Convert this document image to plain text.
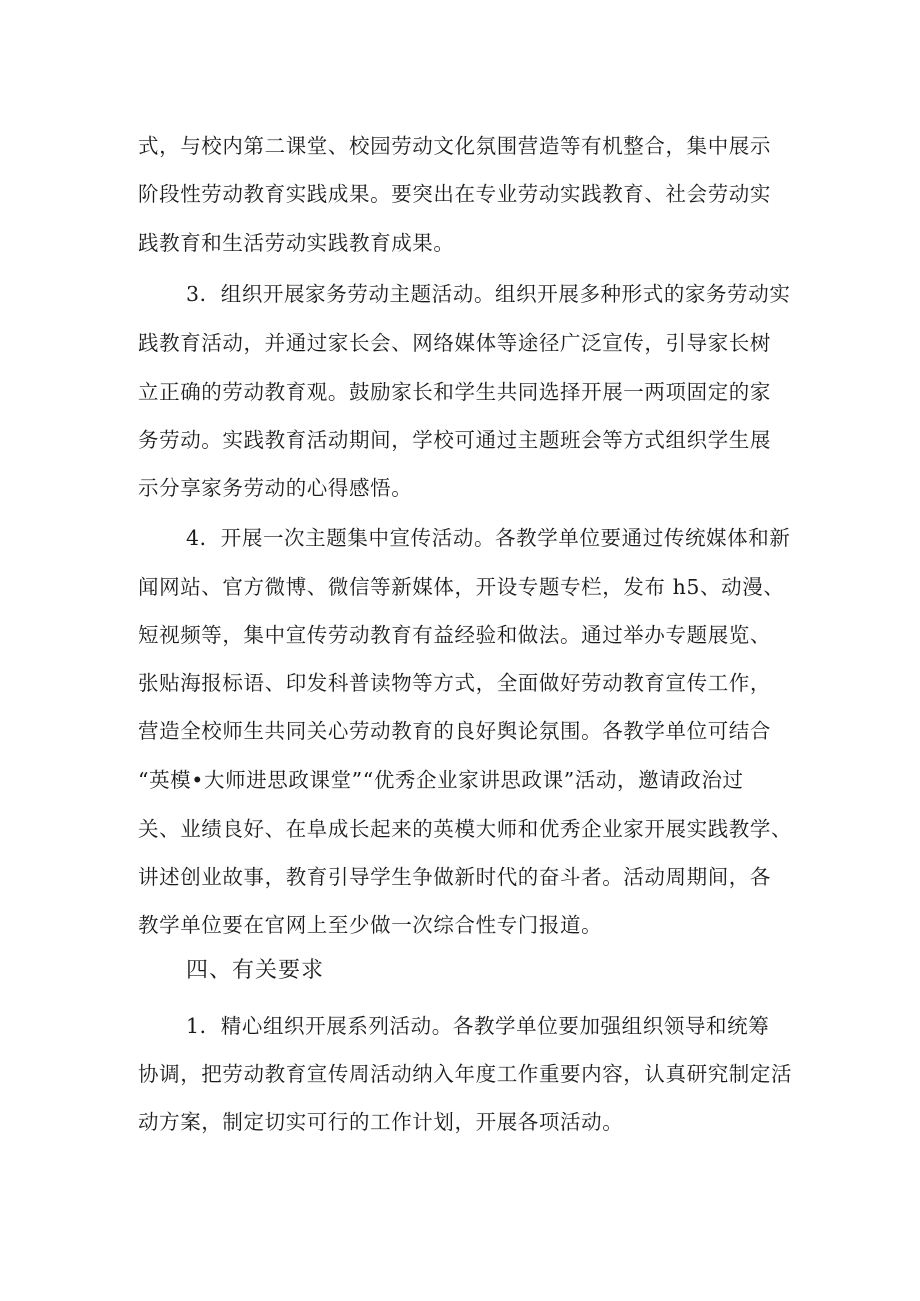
式，与校内第二课堂、校园劳动文化氛围营造等有机整合，集中展示
阶段性劳动教育实践成果。要突出在专业劳动实践教育、社会劳动实
践教育和生活劳动实践教育成果。
3．组织开展家务劳动主题活动。组织开展多种形式的家务劳动实
践教育活动，并通过家长会、网络媒体等途径广泛宣传，引导家长树
立正确的劳动教育观。鼓励家长和学生共同选择开展一两项固定的家
务劳动。实践教育活动期间，学校可通过主题班会等方式组织学生展
示分享家务劳动的心得感悟。
4．开展一次主题集中宣传活动。各教学单位要通过传统媒体和新
闻网站、官方微博、微信等新媒体，开设专题专栏，发布 h5、动漫、
短视频等，集中宣传劳动教育有益经验和做法。通过举办专题展览、
张贴海报标语、印发科普读物等方式，全面做好劳动教育宣传工作，
营造全校师生共同关心劳动教育的良好舆论氛围。各教学单位可结合
“英模•大师进思政课堂”“优秀企业家讲思政课”活动，邀请政治过
关、业绩良好、在阜成长起来的英模大师和优秀企业家开展实践教学、
讲述创业故事，教育引导学生争做新时代的奋斗者。活动周期间，各
教学单位要在官网上至少做一次综合性专门报道。
四、有关要求
1．精心组织开展系列活动。各教学单位要加强组织领导和统筹
协调，把劳动教育宣传周活动纳入年度工作重要内容，认真研究制定活
动方案，制定切实可行的工作计划，开展各项活动。
